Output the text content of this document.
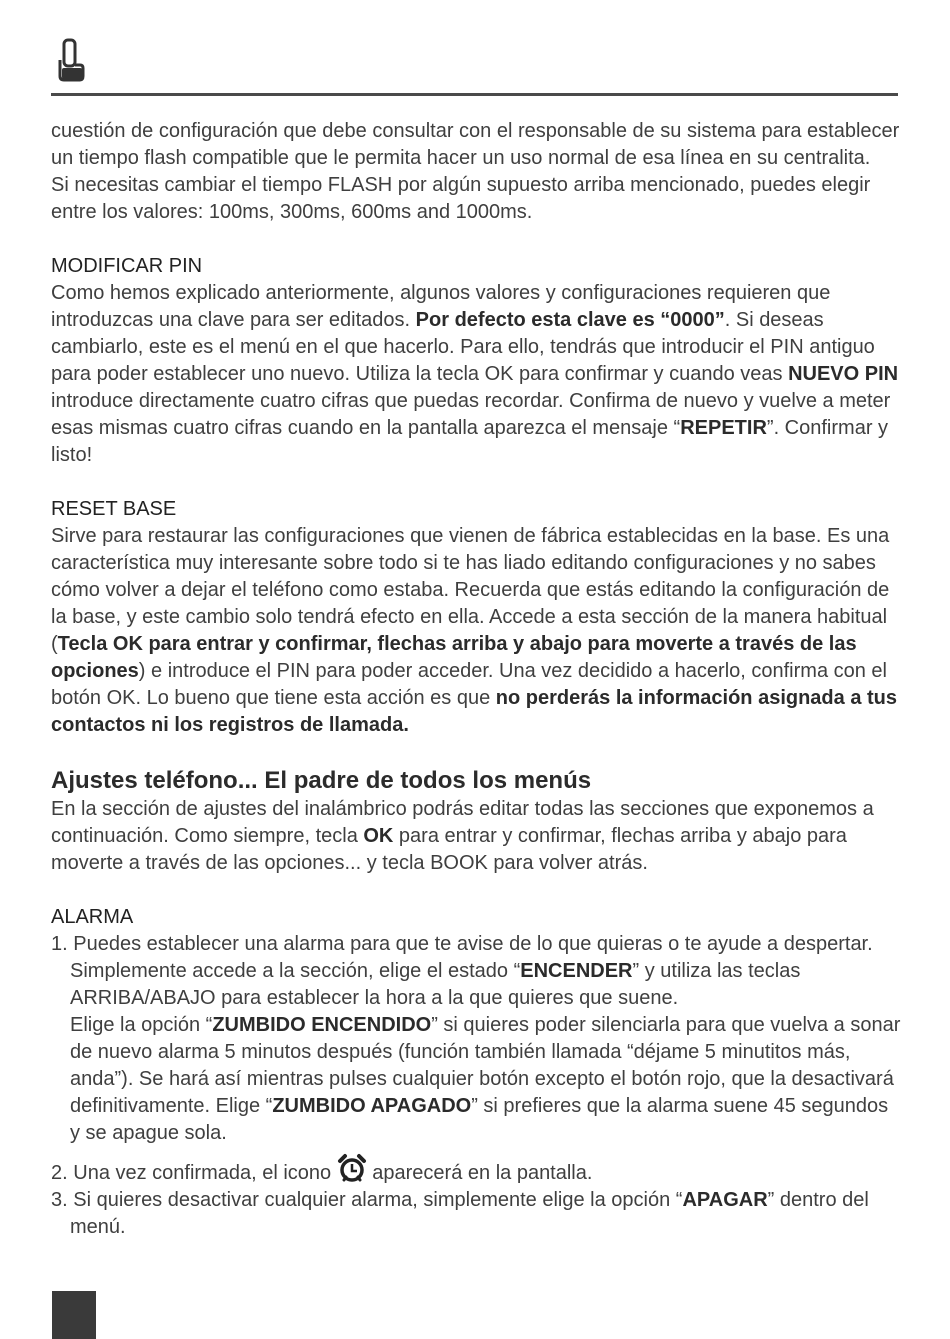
cuestión de configuración que debe consultar con el responsable de su sistema para establecer un tiempo flash compatible que le permita hacer un uso normal de esa línea en su centralita.

Si necesitas cambiar el tiempo FLASH por algún supuesto arriba mencionado, puedes elegir entre los valores: 100ms, 300ms, 600ms and 1000ms.

MODIFICAR PIN

Como hemos explicado anteriormente, algunos valores y configuraciones requieren que introduzcas una clave para ser editados. Por defecto esta clave es “0000”. Si deseas cambiarlo, este es el menú en el que hacerlo. Para ello, tendrás que introducir el PIN antiguo para poder establecer uno nuevo. Utiliza la tecla OK para confirmar y cuando veas NUEVO PIN introduce directamente cuatro cifras que puedas recordar. Confirma de nuevo y vuelve a meter esas mismas cuatro cifras cuando en la pantalla aparezca el mensaje “REPETIR”. Confirmar y listo!

RESET BASE

Sirve para restaurar las configuraciones que vienen de fábrica establecidas en la base. Es una característica muy interesante sobre todo si te has liado editando configuraciones y no sabes cómo volver a dejar el teléfono como estaba. Recuerda que estás editando la configuración de la base, y este cambio solo tendrá efecto en ella. Accede a esta sección de la manera habitual (Tecla OK para entrar y confirmar, flechas arriba y abajo para moverte a través de las opciones) e introduce el PIN para poder acceder. Una vez decidido a hacerlo, confirma con el botón OK. Lo bueno que tiene esta acción es que no perderás la información asignada a tus contactos ni los registros de llamada.

Ajustes teléfono... El padre de todos los menús

En la sección de ajustes del inalámbrico podrás editar todas las secciones que exponemos a continuación. Como siempre, tecla OK para entrar y confirmar, flechas arriba y abajo para moverte a través de las opciones... y tecla BOOK para volver atrás.

ALARMA

1. Puedes establecer una alarma para que te avise de lo que quieras o te ayude a despertar. Simplemente accede a la sección, elige el estado “ENCENDER” y utiliza las teclas ARRIBA/ABAJO para establecer la hora a la que quieres que suene.
Elige la opción “ZUMBIDO ENCENDIDO” si quieres poder silenciarla para que vuelva a sonar de nuevo alarma 5 minutos después (función también llamada “déjame 5 minutitos más, anda”). Se hará así mientras pulses cualquier botón excepto el botón rojo, que la desactivará definitivamente. Elige “ZUMBIDO APAGADO” si prefieres que la alarma suene 45 segundos y se apague sola.
2. Una vez confirmada, el icono  aparecerá en la pantalla.
3. Si quieres desactivar cualquier alarma, simplemente elige la opción “APAGAR” dentro del menú.
